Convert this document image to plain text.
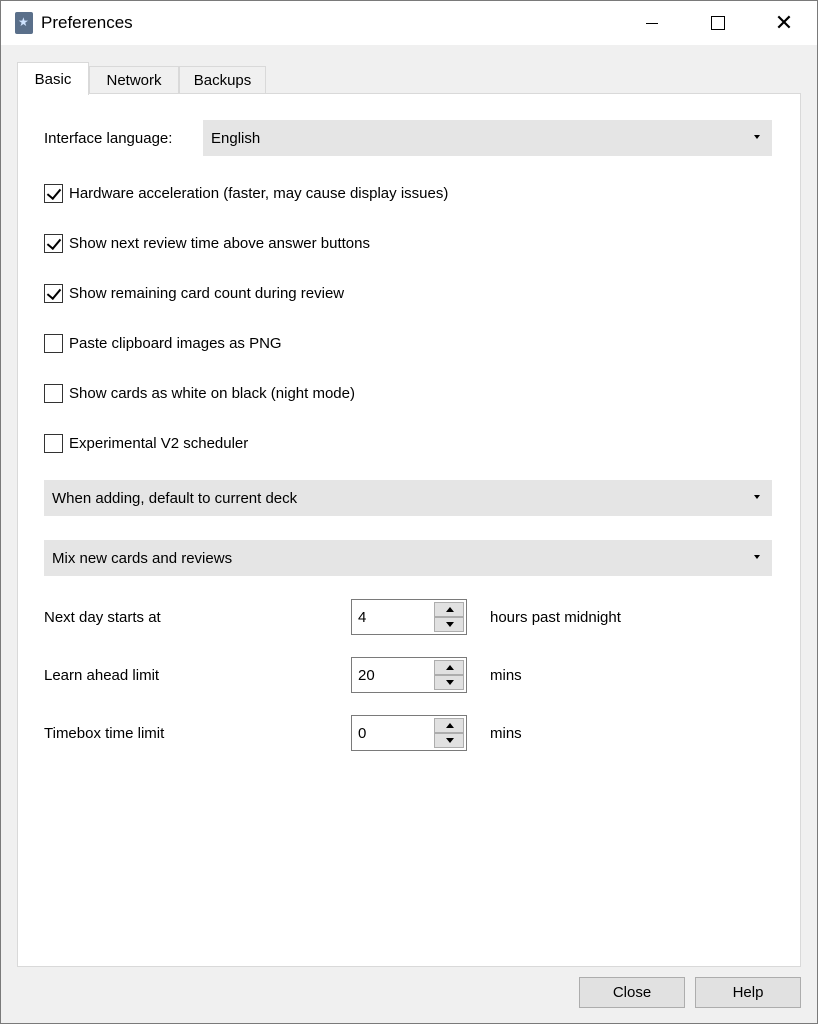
★
Preferences	✕
Basic	Network	Backups
Interface language:	English
Hardware acceleration (faster, may cause display issues)
Show next review time above answer buttons
Show remaining card count during review
Paste clipboard images as PNG
Show cards as white on black (night mode)
Experimental V2 scheduler
When adding, default to current deck
Mix new cards and reviews
Next day starts at	4	hours past midnight
Learn ahead limit	20	mins
Timebox time limit	0	mins
Close	Help
